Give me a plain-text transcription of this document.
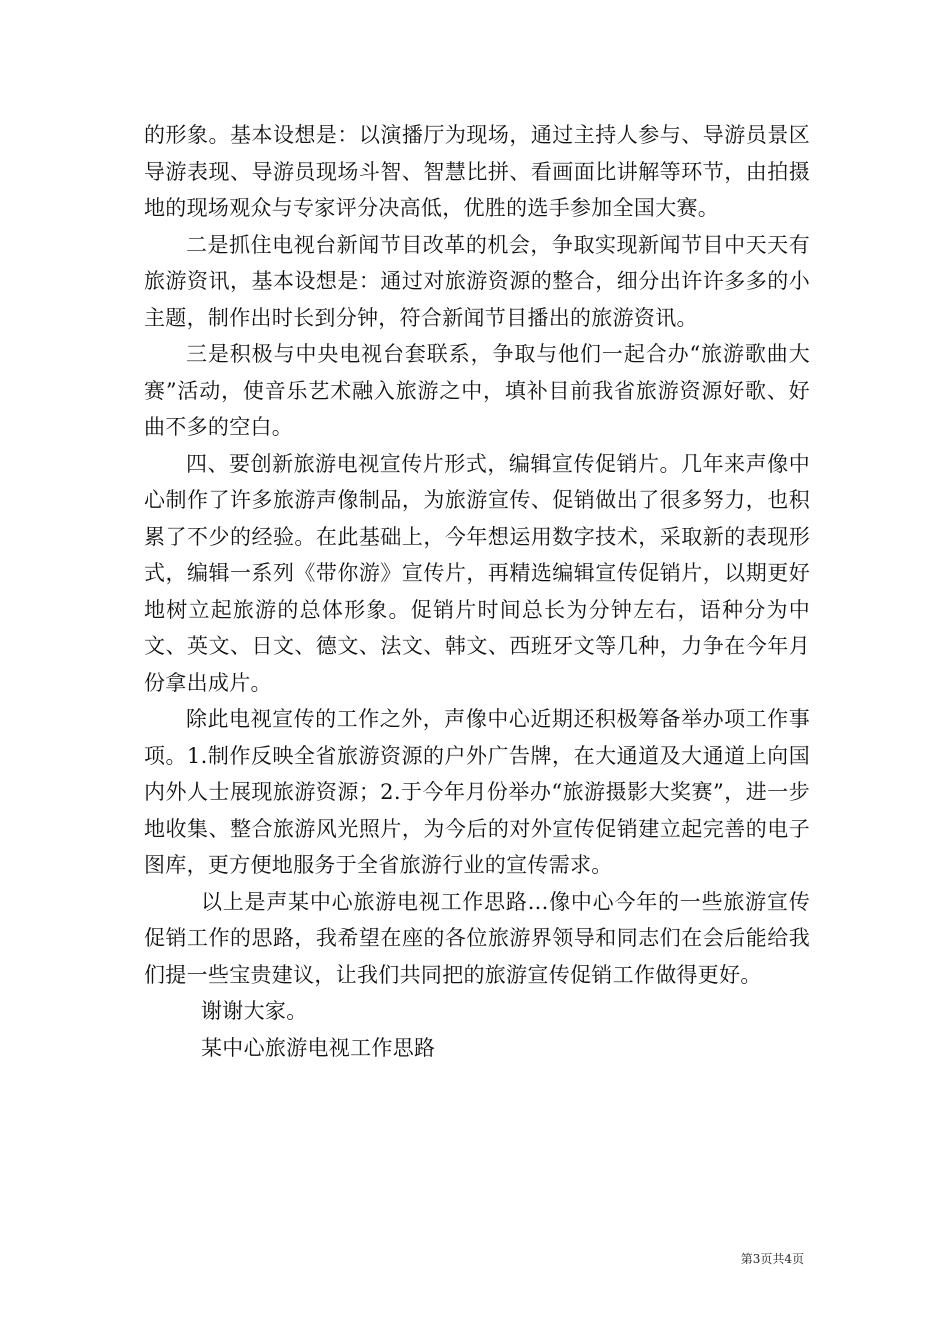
的形象。基本设想是：以演播厅为现场，通过主持人参与、导游员景区导游表现、导游员现场斗智、智慧比拼、看画面比讲解等环节，由拍摄地的现场观众与专家评分决高低，优胜的选手参加全国大赛。

二是抓住电视台新闻节目改革的机会，争取实现新闻节目中天天有旅游资讯，基本设想是：通过对旅游资源的整合，细分出许许多多的小主题，制作出时长到分钟，符合新闻节目播出的旅游资讯。

三是积极与中央电视台套联系，争取与他们一起合办“旅游歌曲大赛”活动，使音乐艺术融入旅游之中，填补目前我省旅游资源好歌、好曲不多的空白。

四、要创新旅游电视宣传片形式，编辑宣传促销片。几年来声像中心制作了许多旅游声像制品，为旅游宣传、促销做出了很多努力，也积累了不少的经验。在此基础上，今年想运用数字技术，采取新的表现形式，编辑一系列《带你游》宣传片，再精选编辑宣传促销片，以期更好地树立起旅游的总体形象。促销片时间总长为分钟左右，语种分为中文、英文、日文、德文、法文、韩文、西班牙文等几种，力争在今年月份拿出成片。

除此电视宣传的工作之外，声像中心近期还积极筹备举办项工作事项。1.制作反映全省旅游资源的户外广告牌，在大通道及大通道上向国内外人士展现旅游资源；2.于今年月份举办“旅游摄影大奖赛”，进一步地收集、整合旅游风光照片，为今后的对外宣传促销建立起完善的电子图库，更方便地服务于全省旅游行业的宣传需求。

以上是声某中心旅游电视工作思路...像中心今年的一些旅游宣传促销工作的思路，我希望在座的各位旅游界领导和同志们在会后能给我们提一些宝贵建议，让我们共同把的旅游宣传促销工作做得更好。

谢谢大家。

某中心旅游电视工作思路

第3页共4页
